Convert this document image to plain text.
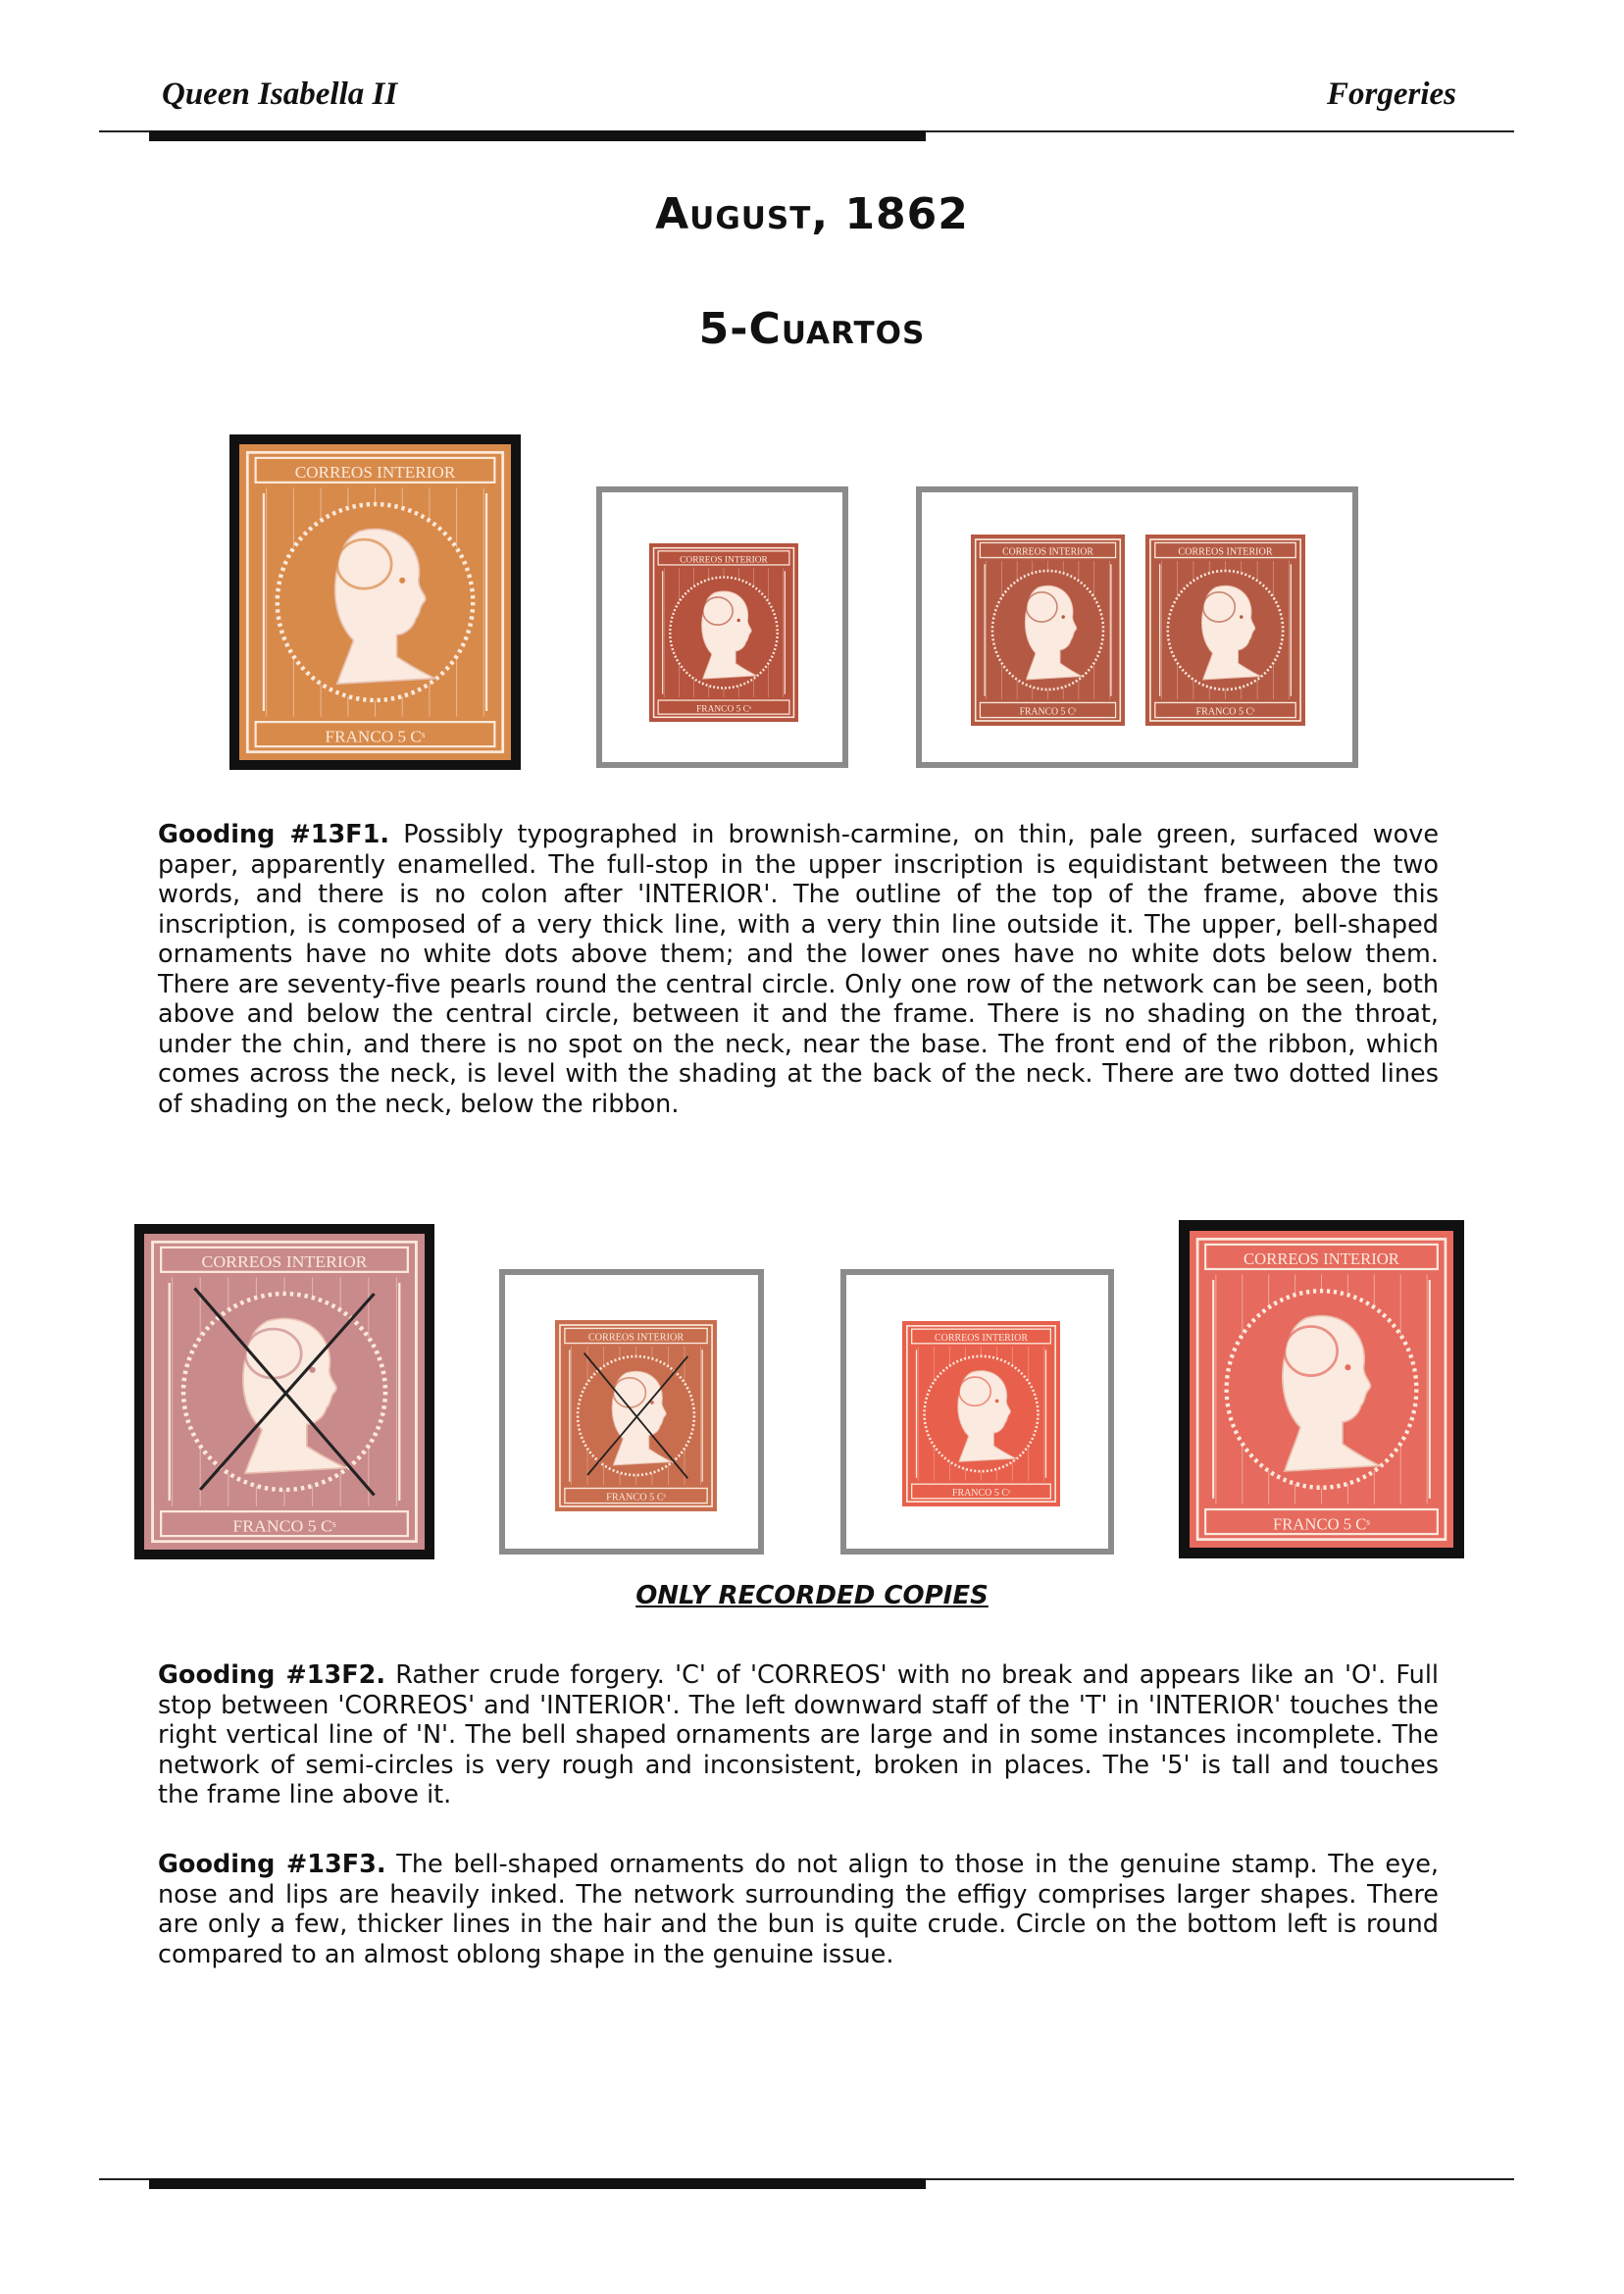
Queen Isabella II	Forgeries
August, 1862
5-Cuartos
CORREOS INTERIOR
FRANCO 5 Cˢ
CORREOS INTERIOR
FRANCO 5 Cˢ
CORREOS INTERIOR
FRANCO 5 Cˢ
CORREOS INTERIOR
FRANCO 5 Cˢ
Gooding #13F1. Possibly typographed in brownish-carmine, on thin, pale green, surfaced wove paper, apparently enamelled. The full-stop in the upper inscription is equidistant between the two words, and there is no colon after 'INTERIOR'. The outline of the top of the frame, above this inscription, is composed of a very thick line, with a very thin line outside it. The upper, bell-shaped ornaments have no white dots above them; and the lower ones have no white dots below them. There are seventy-five pearls round the central circle. Only one row of the network can be seen, both above and below the central circle, between it and the frame. There is no shading on the throat, under the chin, and there is no spot on the neck, near the base. The front end of the ribbon, which comes across the neck, is level with the shading at the back of the neck. There are two dotted lines of shading on the neck, below the ribbon.
CORREOS INTERIOR
FRANCO 5 Cˢ
CORREOS INTERIOR
FRANCO 5 Cˢ
CORREOS INTERIOR
FRANCO 5 Cˢ
CORREOS INTERIOR
FRANCO 5 Cˢ
ONLY RECORDED COPIES
Gooding #13F2. Rather crude forgery. 'C' of 'CORREOS' with no break and appears like an 'O'. Full stop between 'CORREOS' and 'INTERIOR'. The left downward staff of the 'T' in 'INTERIOR' touches the right vertical line of 'N'. The bell shaped ornaments are large and in some instances incomplete. The network of semi-circles is very rough and inconsistent, broken in places. The '5' is tall and touches the frame line above it.
Gooding #13F3. The bell-shaped ornaments do not align to those in the genuine stamp. The eye, nose and lips are heavily inked. The network surrounding the effigy comprises larger shapes. There are only a few, thicker lines in the hair and the bun is quite crude. Circle on the bottom left is round compared to an almost oblong shape in the genuine issue.
